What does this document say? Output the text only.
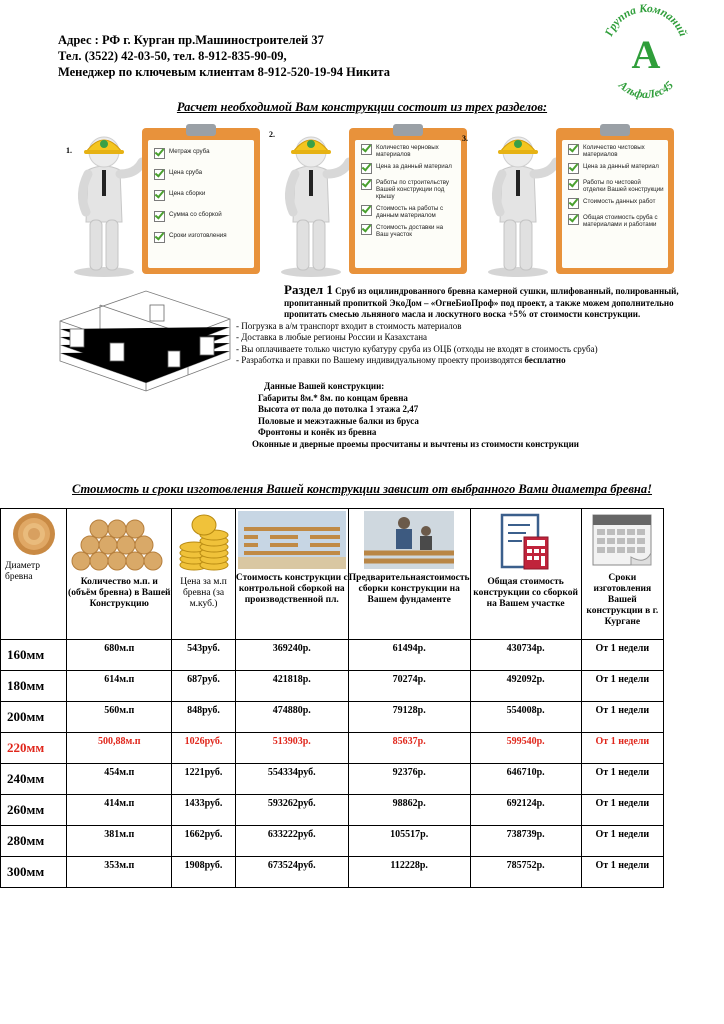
Адрес : РФ г. Курган пр.Машиностроителей 37
Тел. (3522) 42-03-50, тел. 8-912-835-90-09,
Менеджер по ключевым клиентам 8-912-520-19-94 Никита
Группа Компаний
А
АльфаЛес45
Расчет необходимой Вам конструкции состоит из трех разделов:
1.	Метраж сруба
Цена сруба
Цена сборки
Сумма со сборкой
Сроки изготовления
2.
Количество черновых материалов
Цена за данный материал
Работы по строительству Вашей конструкции под крышу
Стоимость на работы с данным материалом
Стоимость доставки на Ваш участок
3.
Количество чистовых материалов
Цена за данный материал
Работы по чистовой отделки Вашей конструкции
Стоимость данных работ
Общая стоимость сруба с материалами и работами
Раздел 1 Сруб из оцилиндрованного бревна камерной сушки, шлифованный, полированный, пропитанный пропиткой ЭкоДом – «ОгнеБиоПроф» под проект, а также можем дополнительно пропитать смесью льняного масла и лоскутного воска +5% от стоимости конструкции.
- Погрузка в а/м транспорт входит в стоимость материалов
- Доставка в любые регионы России и Казахстана
- Вы оплачиваете только чистую кубатуру сруба из ОЦБ (отходы не входят в стоимость сруба)
- Разработка и правки по Вашему индивидуальному проекту производятся бесплатно
Данные Вашей конструкции:
Габариты 8м.* 8м. по концам бревна
Высота от пола до потолка 1 этажа 2,47
Половые и межэтажные балки из бруса
Фронтоны и конёк из бревна
Оконные и дверные проемы просчитаны и вычтены из стоимости конструкции
Стоимость и сроки изготовления Вашей конструкции зависит от выбранного Вами диаметра бревна!
Диаметр бревна	Количество м.п. и (объём бревна) в Вашей Конструкцию	Цена за м.п бревна (за м.куб.)	Стоимость конструкции с контрольной сборкой на производственной пл.	Предварительнаястоимость сборки конструкции на Вашем фундаменте	Общая стоимость конструкции со сборкой на Вашем участке	Сроки изготовления Вашей конструкции в г. Кургане

160мм	680м.п	543руб.	369240р.	61494р.	430734р.	От 1 недели
180мм	614м.п	687руб.	421818р.	70274р.	492092р.	От 1 недели
200мм	560м.п	848руб.	474880р.	79128р.	554008р.	От 1 недели
220мм	500,88м.п	1026руб.	513903р.	85637р.	599540р.	От 1 недели
240мм	454м.п	1221руб.	554334руб.	92376р.	646710р.	От 1 недели
260мм	414м.п	1433руб.	593262руб.	98862р.	692124р.	От 1 недели
280мм	381м.п	1662руб.	633222руб.	105517р.	738739р.	От 1 недели
300мм	353м.п	1908руб.	673524руб.	112228р.	785752р.	От 1 недели
